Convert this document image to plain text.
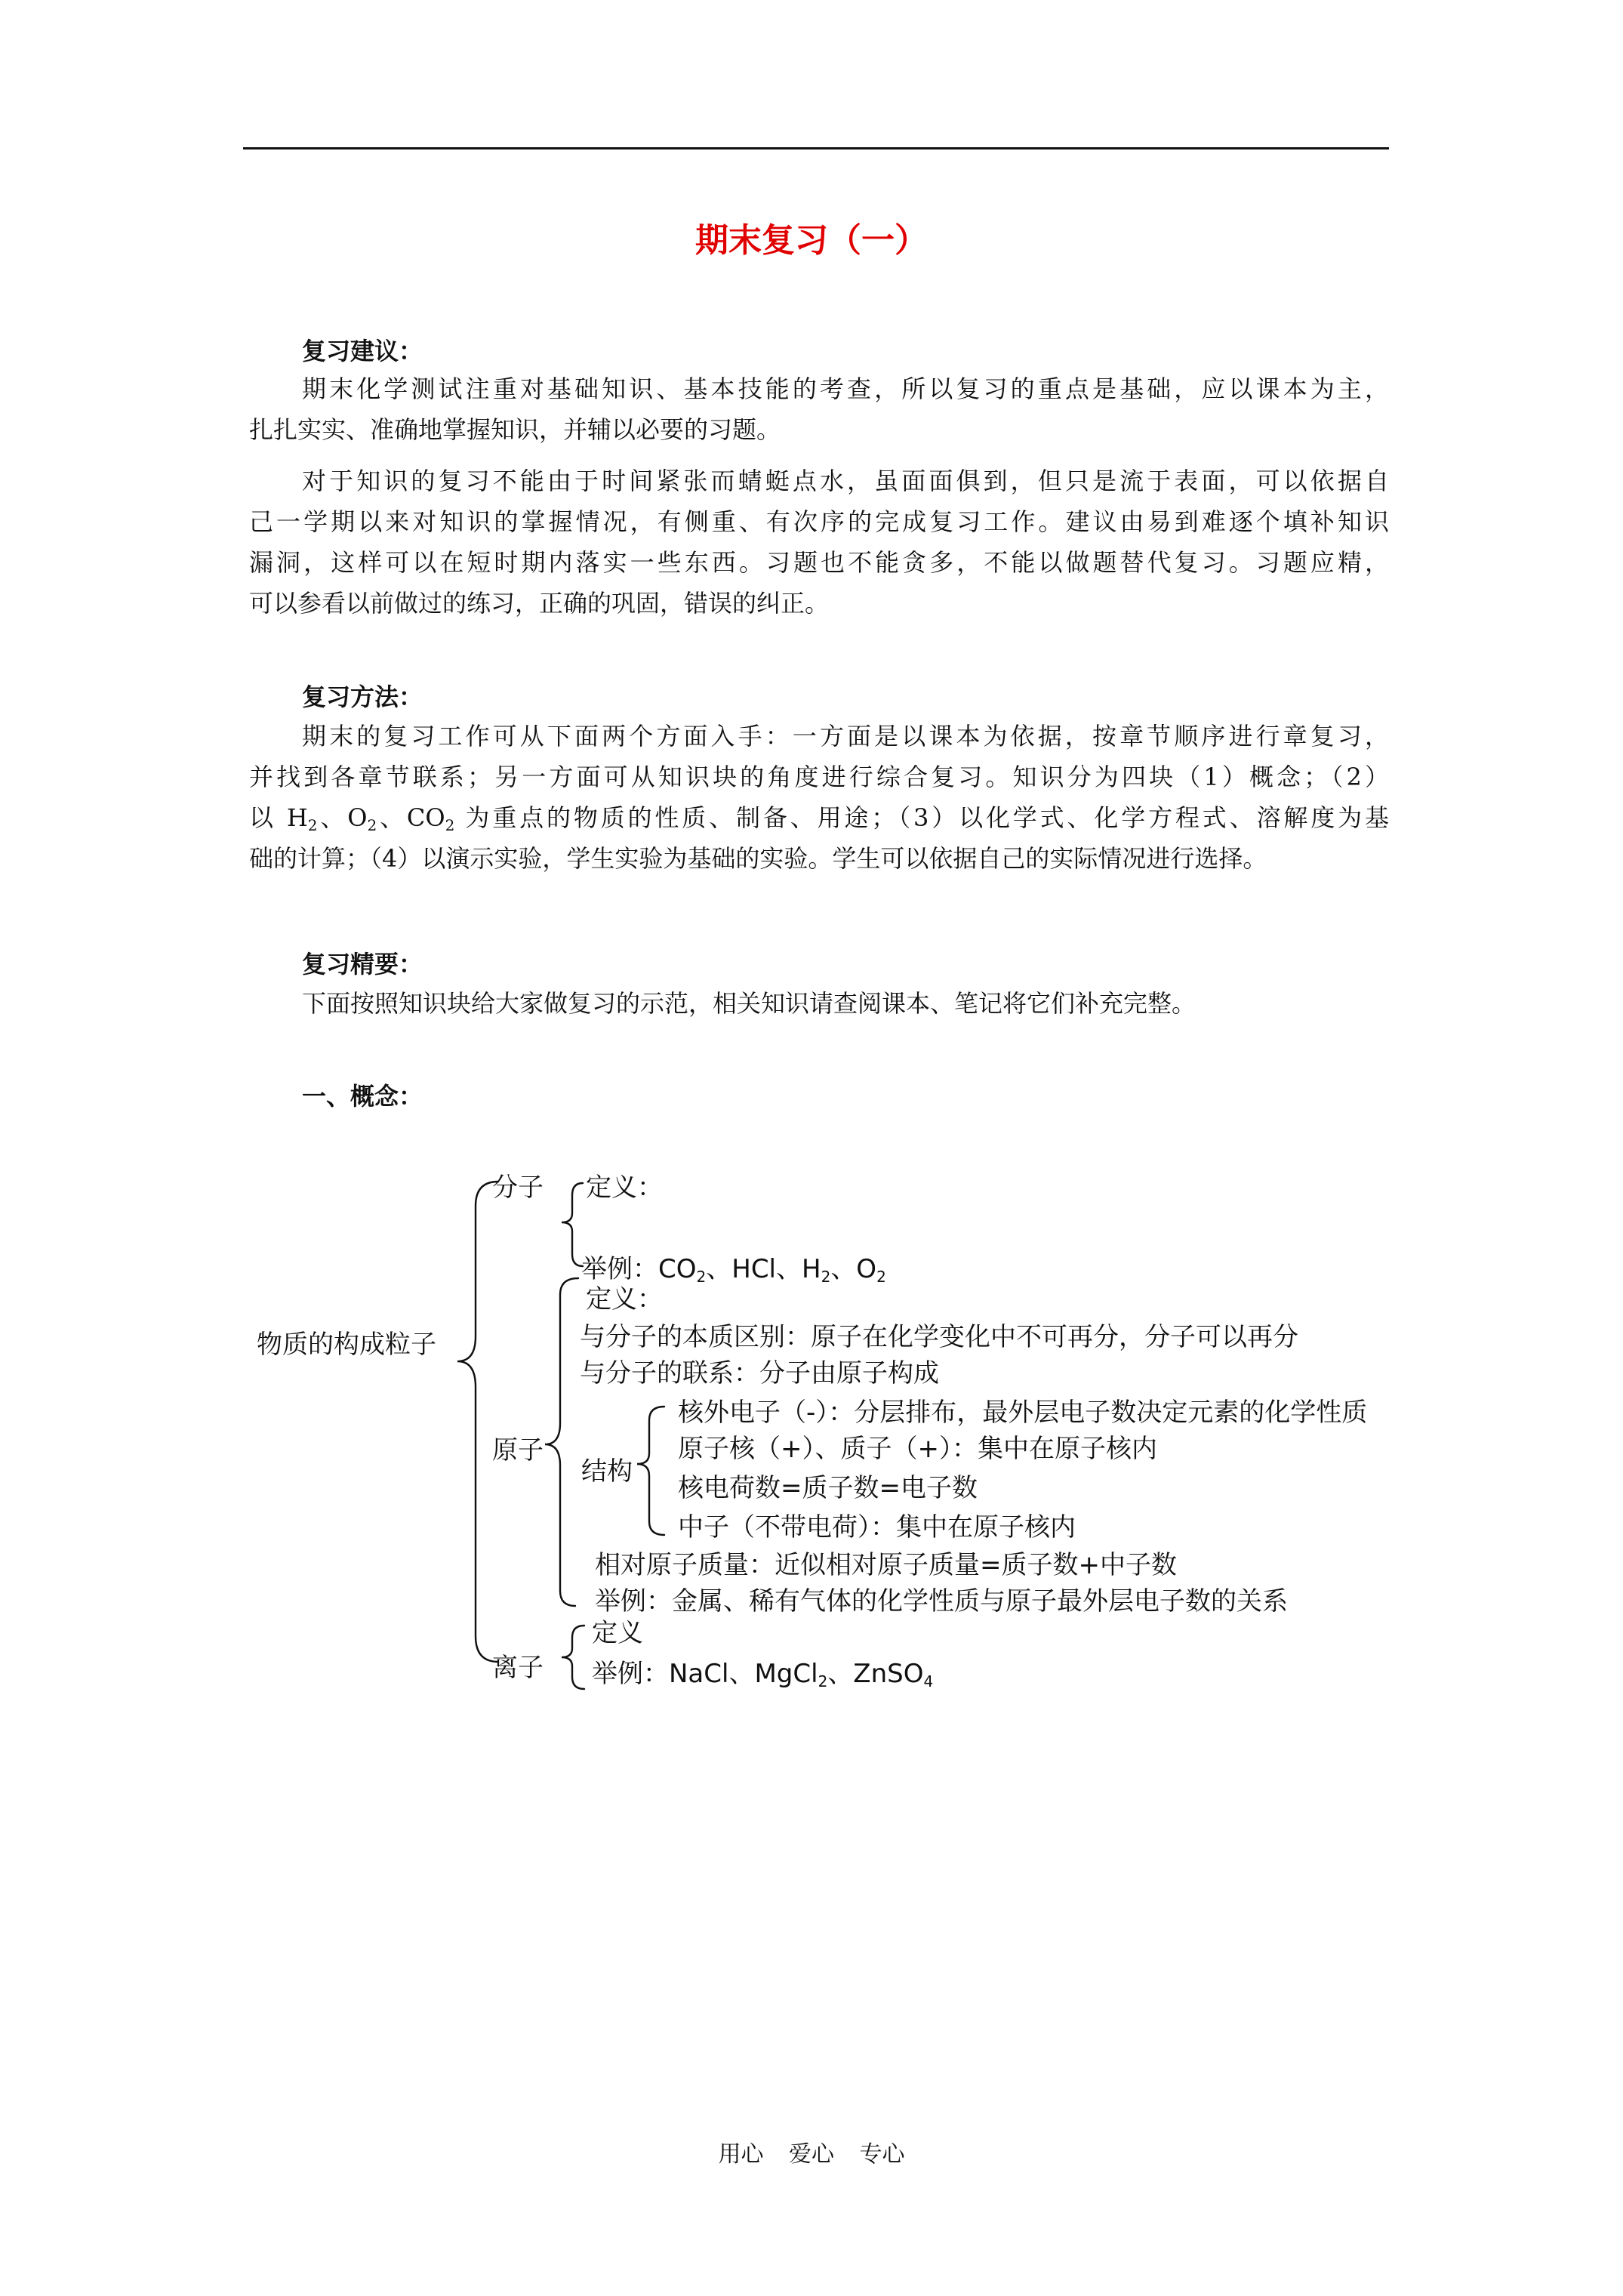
期末复习（一）
复习建议：
期末化学测试注重对基础知识、基本技能的考查，所以复习的重点是基础，应以课本为主，
扎扎实实、准确地掌握知识，并辅以必要的习题。
对于知识的复习不能由于时间紧张而蜻蜓点水，虽面面俱到，但只是流于表面，可以依据自
己一学期以来对知识的掌握情况，有侧重、有次序的完成复习工作。建议由易到难逐个填补知识
漏洞，这样可以在短时期内落实一些东西。习题也不能贪多，不能以做题替代复习。习题应精，
可以参看以前做过的练习，正确的巩固，错误的纠正。
复习方法：
期末的复习工作可从下面两个方面入手：一方面是以课本为依据，按章节顺序进行章复习，
并找到各章节联系；另一方面可从知识块的角度进行综合复习。知识分为四块（1）概念；（2）
以 $H_2$、$O_2$、$CO_2$ 为重点的物质的性质、制备、用途；（3）以化学式、化学方程式、溶解度为基
础的计算；（4）以演示实验，学生实验为基础的实验。学生可以依据自己的实际情况进行选择。
复习精要：
下面按照知识块给大家做复习的示范，相关知识请查阅课本、笔记将它们补充完整。
一、概念：
物质的构成粒子
分子 定义：
举例：$CO_2$、HCl、$H_2$、$O_2$
定义：
与分子的本质区别：原子在化学变化中不可再分，分子可以再分
与分子的联系：分子由原子构成
原子
结构
核外电子（-）：分层排布，最外层电子数决定元素的化学性质
原子核（+）、质子（+）：集中在原子核内
核电荷数=质子数=电子数
中子（不带电荷）：集中在原子核内
相对原子质量：近似相对原子质量=质子数+中子数
举例：金属、稀有气体的化学性质与原子最外层电子数的关系
定义
离子 举例：NaCl、MgCl$_2$、ZnSO$_4$
用心 爱心 专心
